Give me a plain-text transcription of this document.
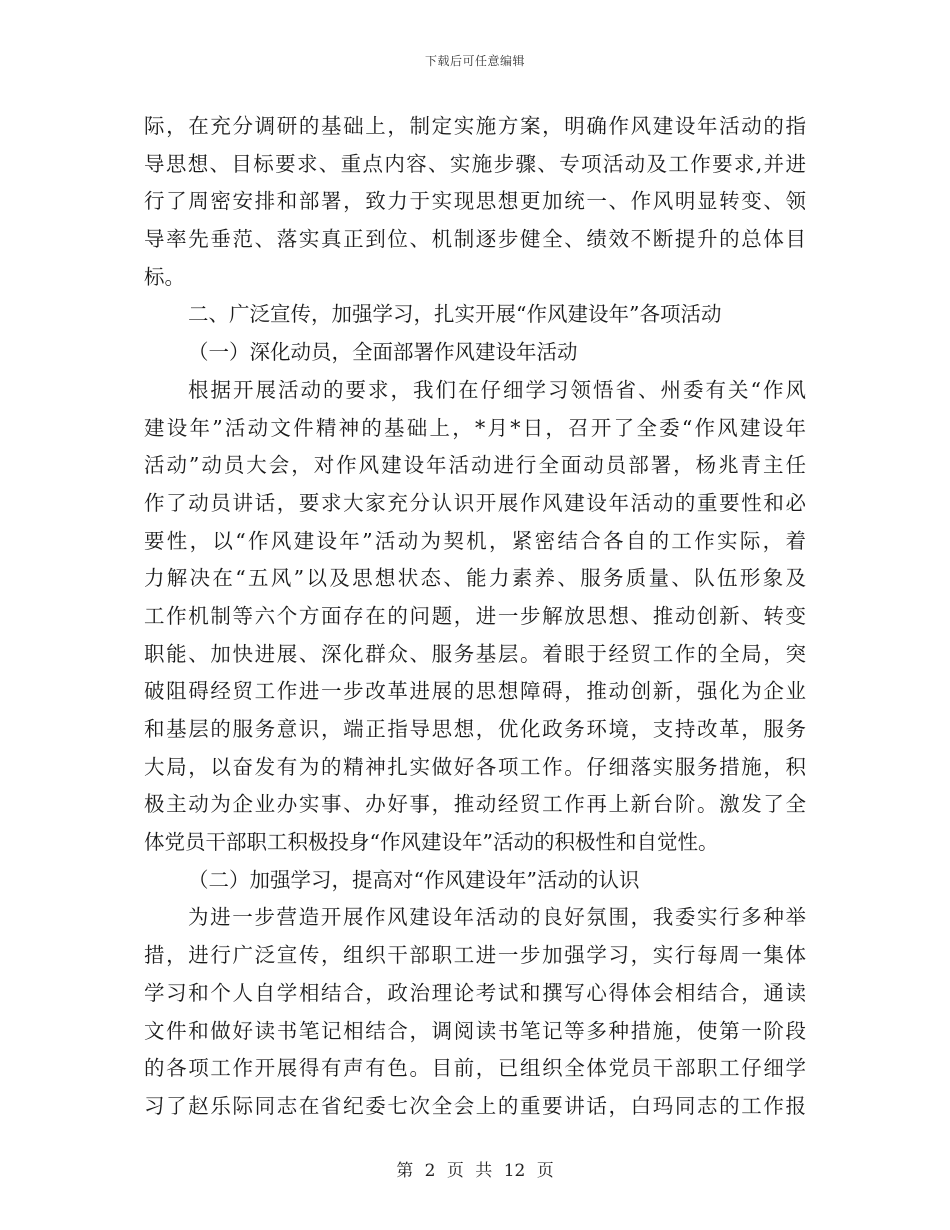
下载后可任意编辑
际，在充分调研的基础上，制定实施方案，明确作风建设年活动的指
导思想、目标要求、重点内容、实施步骤、专项活动及工作要求,并进
行了周密安排和部署，致力于实现思想更加统一、作风明显转变、领
导率先垂范、落实真正到位、机制逐步健全、绩效不断提升的总体目
标。
二、广泛宣传，加强学习，扎实开展“作风建设年”各项活动
（一）深化动员，全面部署作风建设年活动
根据开展活动的要求，我们在仔细学习领悟省、州委有关“作风
建设年”活动文件精神的基础上，*月*日，召开了全委“作风建设年
活动”动员大会，对作风建设年活动进行全面动员部署，杨兆青主任
作了动员讲话，要求大家充分认识开展作风建设年活动的重要性和必
要性，以“作风建设年”活动为契机，紧密结合各自的工作实际，着
力解决在“五风”以及思想状态、能力素养、服务质量、队伍形象及
工作机制等六个方面存在的问题，进一步解放思想、推动创新、转变
职能、加快进展、深化群众、服务基层。着眼于经贸工作的全局，突
破阻碍经贸工作进一步改革进展的思想障碍，推动创新，强化为企业
和基层的服务意识，端正指导思想，优化政务环境，支持改革，服务
大局，以奋发有为的精神扎实做好各项工作。仔细落实服务措施，积
极主动为企业办实事、办好事，推动经贸工作再上新台阶。激发了全
体党员干部职工积极投身“作风建设年”活动的积极性和自觉性。
（二）加强学习，提高对“作风建设年”活动的认识
为进一步营造开展作风建设年活动的良好氛围，我委实行多种举
措，进行广泛宣传，组织干部职工进一步加强学习，实行每周一集体
学习和个人自学相结合，政治理论考试和撰写心得体会相结合，通读
文件和做好读书笔记相结合，调阅读书笔记等多种措施，使第一阶段
的各项工作开展得有声有色。目前，已组织全体党员干部职工仔细学
习了赵乐际同志在省纪委七次全会上的重要讲话，白玛同志的工作报
第 2 页 共 12 页
